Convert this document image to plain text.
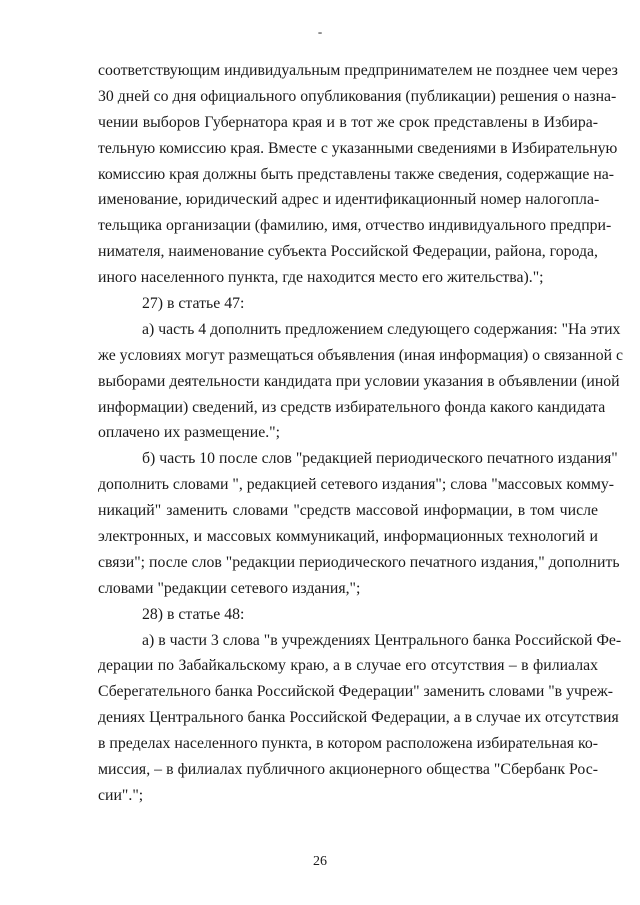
-
соответствующим индивидуальным предпринимателем не позднее чем через
30 дней со дня официального опубликования (публикации) решения о назна-
чении выборов Губернатора края и в тот же срок представлены в Избира-
тельную комиссию края. Вместе с указанными сведениями в Избирательную
комиссию края должны быть представлены также сведения, содержащие на-
именование, юридический адрес и идентификационный номер налогопла-
тельщика организации (фамилию, имя, отчество индивидуального предпри-
нимателя, наименование субъекта Российской Федерации, района, города,
иного населенного пункта, где находится место его жительства).";
27) в статье 47:
а) часть 4 дополнить предложением следующего содержания: "На этих
же условиях могут размещаться объявления (иная информация) о связанной с
выборами деятельности кандидата при условии указания в объявлении (иной
информации) сведений, из средств избирательного фонда какого кандидата
оплачено их размещение.";
б) часть 10 после слов "редакцией периодического печатного издания"
дополнить словами ", редакцией сетевого издания"; слова "массовых комму-
никаций" заменить словами "средств массовой информации, в том числе
электронных, и массовых коммуникаций, информационных технологий и
связи"; после слов "редакции периодического печатного издания," дополнить
словами "редакции сетевого издания,";
28) в статье 48:
а) в части 3 слова "в учреждениях Центрального банка Российской Фе-
дерации по Забайкальскому краю, а в случае его отсутствия – в филиалах
Сберегательного банка Российской Федерации" заменить словами "в учреж-
дениях Центрального банка Российской Федерации, а в случае их отсутствия
в пределах населенного пункта, в котором расположена избирательная ко-
миссия, – в филиалах публичного акционерного общества "Сбербанк Рос-
сии".";
26
